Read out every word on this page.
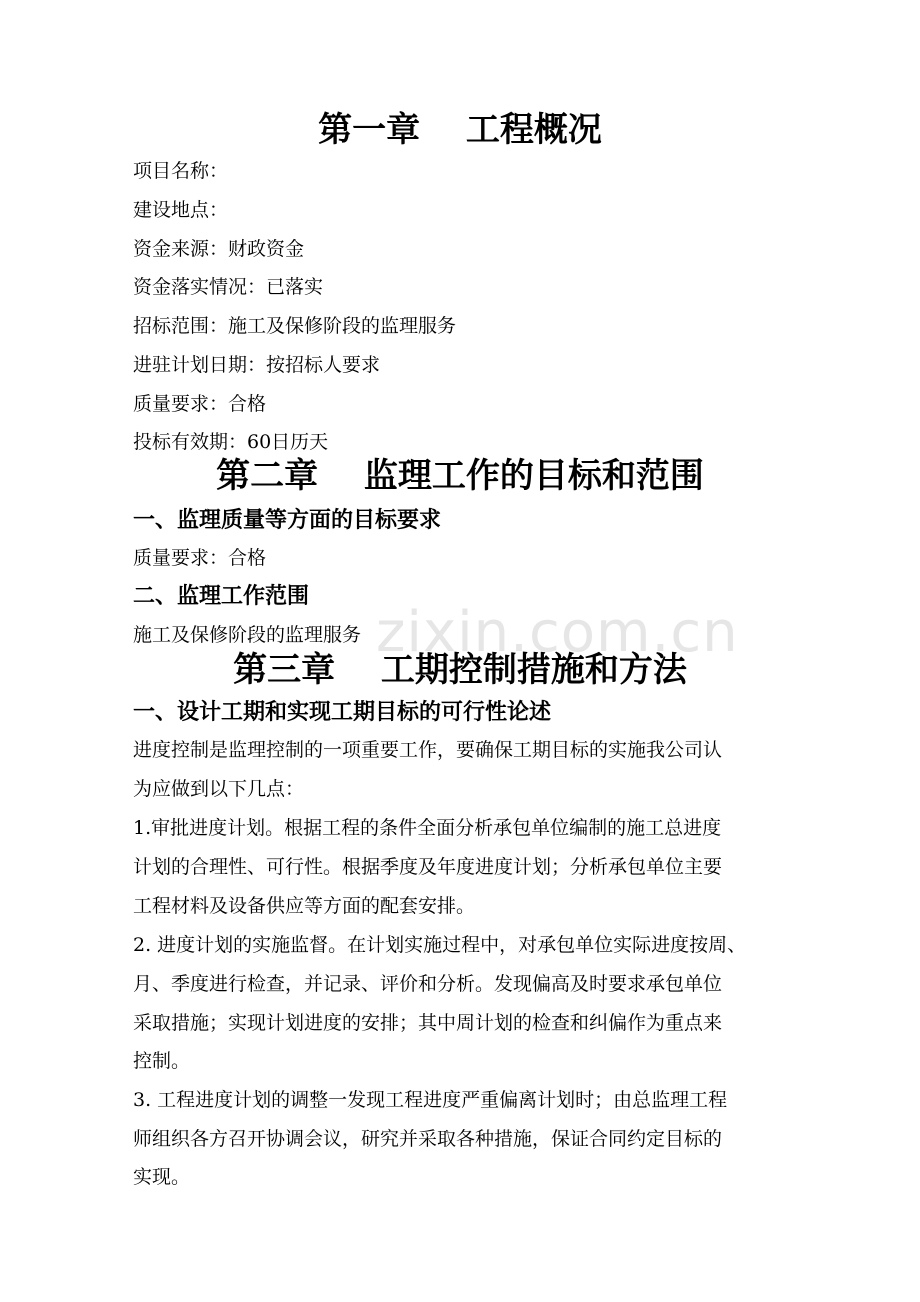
zixin.com.cn
第一章　 工程概况
项目名称：
建设地点：
资金来源：财政资金
资金落实情况：已落实
招标范围：施工及保修阶段的监理服务
进驻计划日期：按招标人要求
质量要求：合格
投标有效期：60日历天
第二章　 监理工作的目标和范围
一、监理质量等方面的目标要求
质量要求：合格
二、监理工作范围
施工及保修阶段的监理服务
第三章　 工期控制措施和方法
一、设计工期和实现工期目标的可行性论述
进度控制是监理控制的一项重要工作，要确保工期目标的实施我公司认
为应做到以下几点：
1.审批进度计划。根据工程的条件全面分析承包单位编制的施工总进度
计划的合理性、可行性。根据季度及年度进度计划；分析承包单位主要
工程材料及设备供应等方面的配套安排。
2. 进度计划的实施监督。在计划实施过程中，对承包单位实际进度按周、
月、季度进行检查，并记录、评价和分析。发现偏高及时要求承包单位
采取措施；实现计划进度的安排；其中周计划的检查和纠偏作为重点来
控制。
3. 工程进度计划的调整一发现工程进度严重偏离计划时；由总监理工程
师组织各方召开协调会议，研究并采取各种措施，保证合同约定目标的
实现。
